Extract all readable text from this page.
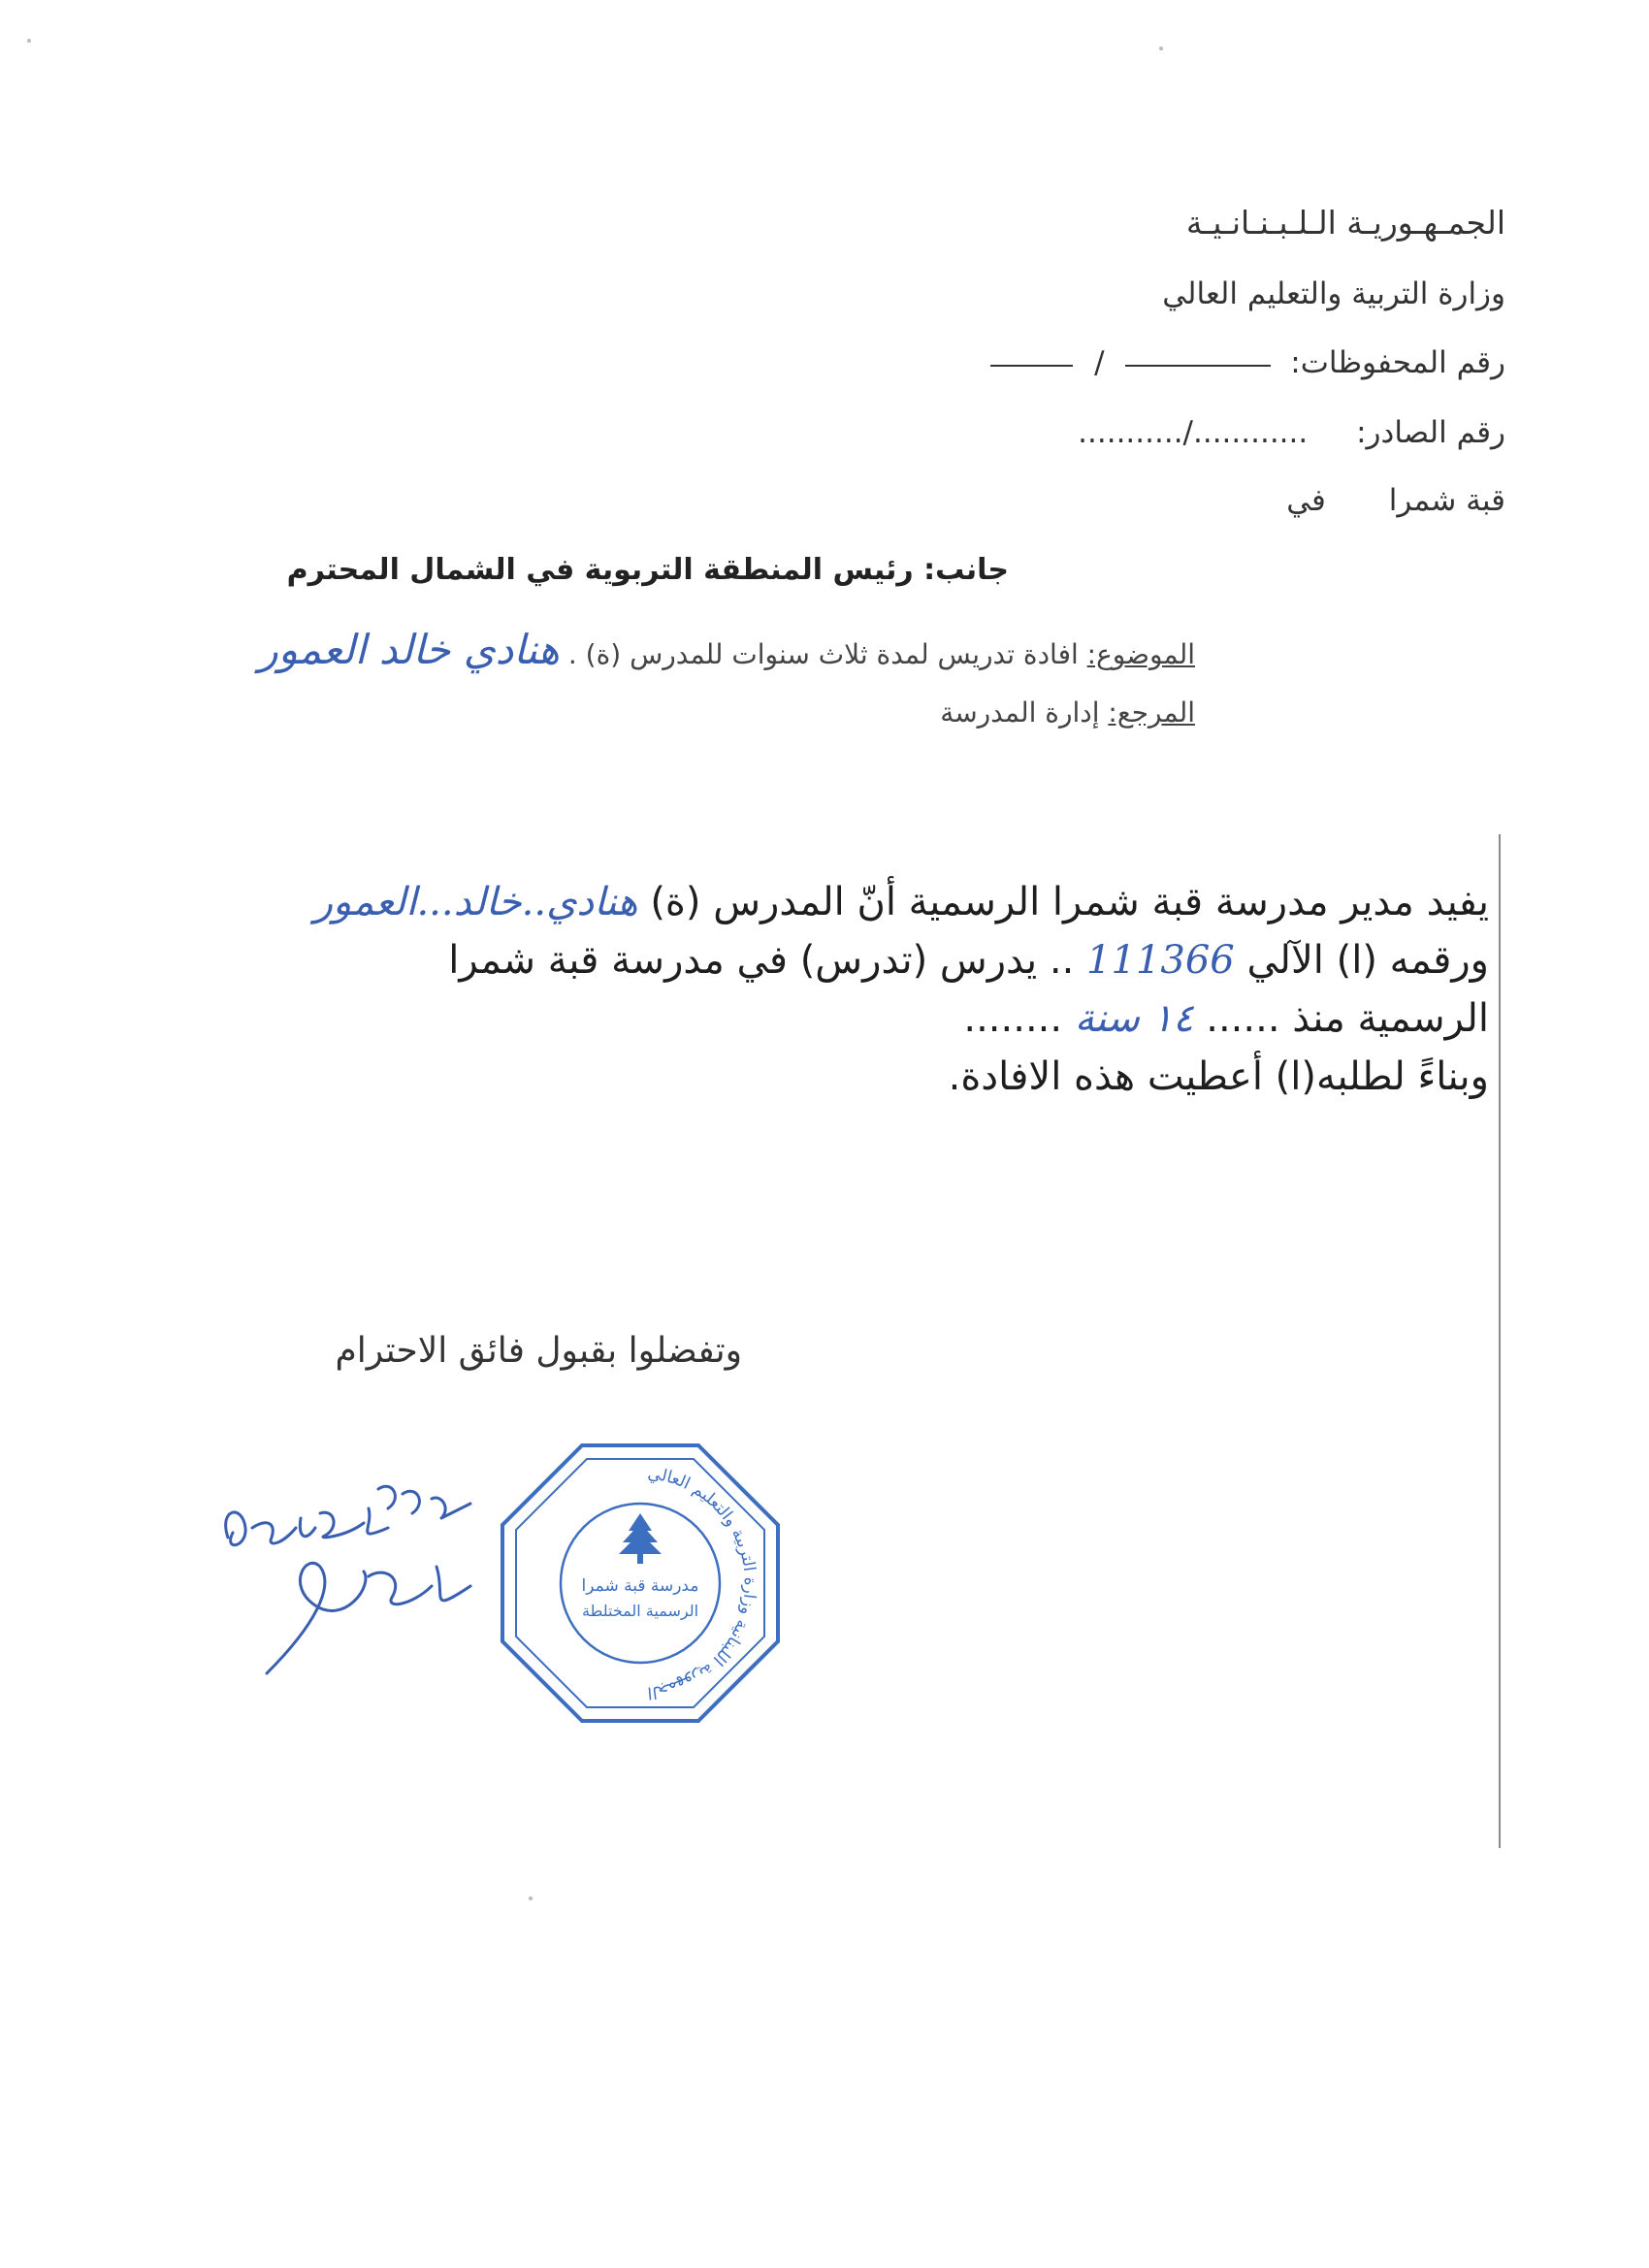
الجمـهـوريـة الـلـبـنـانـيـة
وزارة التربية والتعليم العالي
رقم المحفوظات:  /
رقم الصادر: ............/...........
قبة شمرا في
جانب: رئيس المنطقة التربوية في الشمال المحترم
الموضوع: افادة تدريس لمدة ثلاث سنوات للمدرس (ة) . هنادي خالد العمور
المرجع: إدارة المدرسة
يفيد مدير مدرسة قبة شمرا الرسمية أنّ المدرس (ة) هنادي..خالد...العمور
ورقمه (ا) الآلي 111366 .. يدرس (تدرس) في مدرسة قبة شمرا
الرسمية منذ ...... ١٤ سنة ........
وبناءً لطلبه(ا) أعطيت هذه الافادة.
وتفضلوا بقبول فائق الاحترام
الجمهورية اللبنانية وزارة التربية والتعليم العالي
مدرسة قبة شمرا
الرسمية المختلطة
